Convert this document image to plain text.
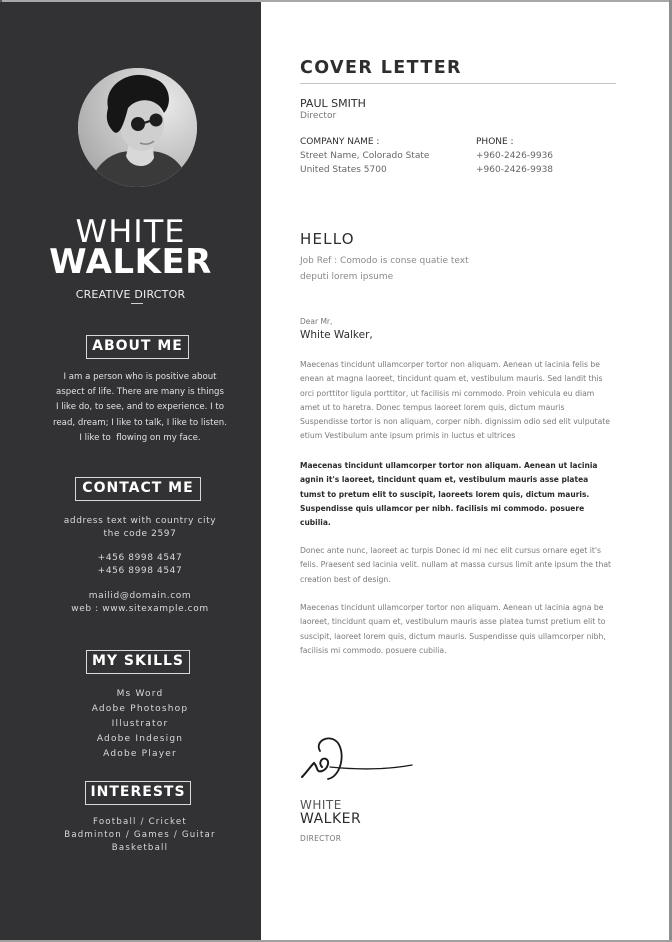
WHITE
WALKER
CREATIVE DIRCTOR
ABOUT ME
I am a person who is positive about
aspect of life. There are many is things
I like do, to see, and to experience. I to
read, dream; I like to talk, I like to listen.
I like to  flowing on my face.
CONTACT ME
address text with country city
the code 2597
+456 8998 4547
+456 8998 4547
mailid@domain.com
web : www.sitexample.com
MY SKILLS
Ms Word
Adobe Photoshop
Illustrator
Adobe Indesign
Adobe Player
INTERESTS
Football / Cricket
Badminton / Games / Guitar
Basketball
COVER LETTER
PAUL SMITH
Director
COMPANY NAME :
Street Name, Colorado State
United States 5700
PHONE :
+960-2426-9936
+960-2426-9938
HELLO
Job Ref : Comodo is conse quatie text deputi lorem ipsume
Dear Mr,
White Walker,

Maecenas tincidunt ullamcorper tortor non aliquam. Aenean ut lacinia felis be enean at magna laoreet, tincidunt quam et, vestibulum mauris. Sed landit this orci porttitor ligula porttitor, ut facilisis mi commodo. Proin vehicula eu diam amet ut to haretra. Donec tempus laoreet lorem quis, dictum mauris Suspendisse tortor is non aliquam, corper nibh. dignissim odio sed elit vulputate etium Vestibulum ante ipsum primis in luctus et ultrices

Maecenas tincidunt ullamcorper tortor non aliquam. Aenean ut lacinia agnin it's laoreet, tincidunt quam et, vestibulum mauris asse platea tumst to pretum elit to suscipit, laoreets lorem quis, dictum mauris. Suspendisse quis ullamcor per nibh. facilisis mi commodo. posuere cubilia.

Donec ante nunc, laoreet ac turpis Donec id mi nec elit cursus ornare eget it's felis. Praesent sed lacinia velit. nullam at massa cursus limit ante ipsum the that creation best of design.

Maecenas tincidunt ullamcorper tortor non aliquam. Aenean ut lacinia agna be laoreet, tincidunt quam et, vestibulum mauris asse platea tumst pretium elit to suscipit, laoreet lorem quis, dictum mauris. Suspendisse quis ullamcorper nibh, facilisis mi commodo. posuere cubilia.

WHITE
WALKER
DIRECTOR
